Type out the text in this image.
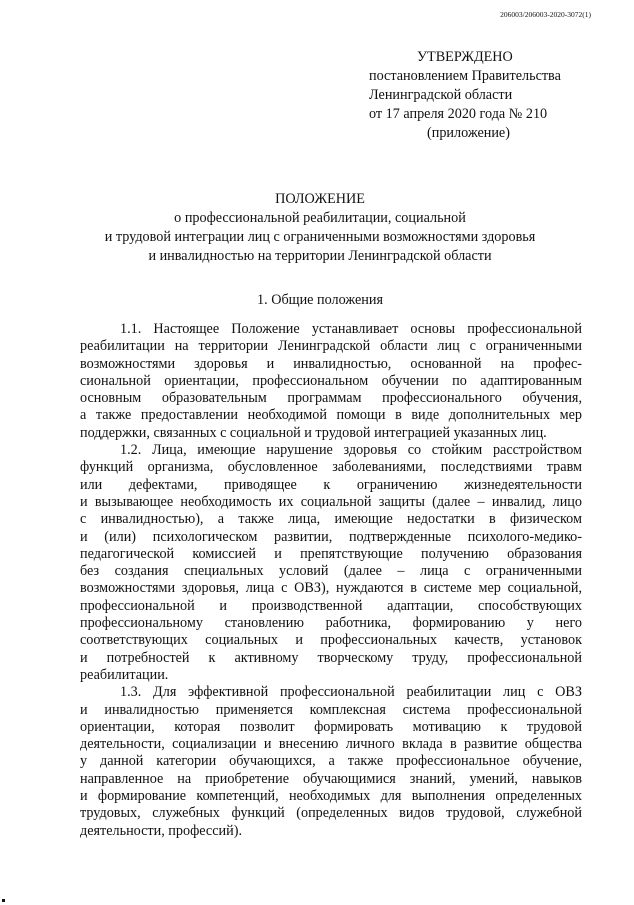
206003/206003-2020-3072(1)
УТВЕРЖДЕНО
постановлением Правительства
Ленинградской области
от 17 апреля 2020 года № 210
(приложение)
ПОЛОЖЕНИЕ
о профессиональной реабилитации, социальной
и трудовой интеграции лиц с ограниченными возможностями здоровья
и инвалидностью на территории Ленинградской области
1. Общие положения

1.1. Настоящее Положение устанавливает основы профессиональной
реабилитации на территории Ленинградской области лиц с ограниченными
возможностями здоровья и инвалидностью, основанной на профес-
сиональной ориентации, профессиональном обучении по адаптированным
основным образовательным программам профессионального обучения,
а также предоставлении необходимой помощи в виде дополнительных мер
поддержки, связанных с социальной и трудовой интеграцией указанных лиц.

1.2. Лица, имеющие нарушение здоровья со стойким расстройством
функций организма, обусловленное заболеваниями, последствиями травм
или дефектами, приводящее к ограничению жизнедеятельности
и вызывающее необходимость их социальной защиты (далее – инвалид, лицо
с инвалидностью), а также лица, имеющие недостатки в физическом
и (или) психологическом развитии, подтвержденные психолого-медико-
педагогической комиссией и препятствующие получению образования
без создания специальных условий (далее – лица с ограниченными
возможностями здоровья, лица с ОВЗ), нуждаются в системе мер социальной,
профессиональной и производственной адаптации, способствующих
профессиональному становлению работника, формированию у него
соответствующих социальных и профессиональных качеств, установок
и потребностей к активному творческому труду, профессиональной
реабилитации.

1.3. Для эффективной профессиональной реабилитации лиц с ОВЗ
и инвалидностью применяется комплексная система профессиональной
ориентации, которая позволит формировать мотивацию к трудовой
деятельности, социализации и внесению личного вклада в развитие общества
у данной категории обучающихся, а также профессиональное обучение,
направленное на приобретение обучающимися знаний, умений, навыков
и формирование компетенций, необходимых для выполнения определенных
трудовых, служебных функций (определенных видов трудовой, служебной
деятельности, профессий).
